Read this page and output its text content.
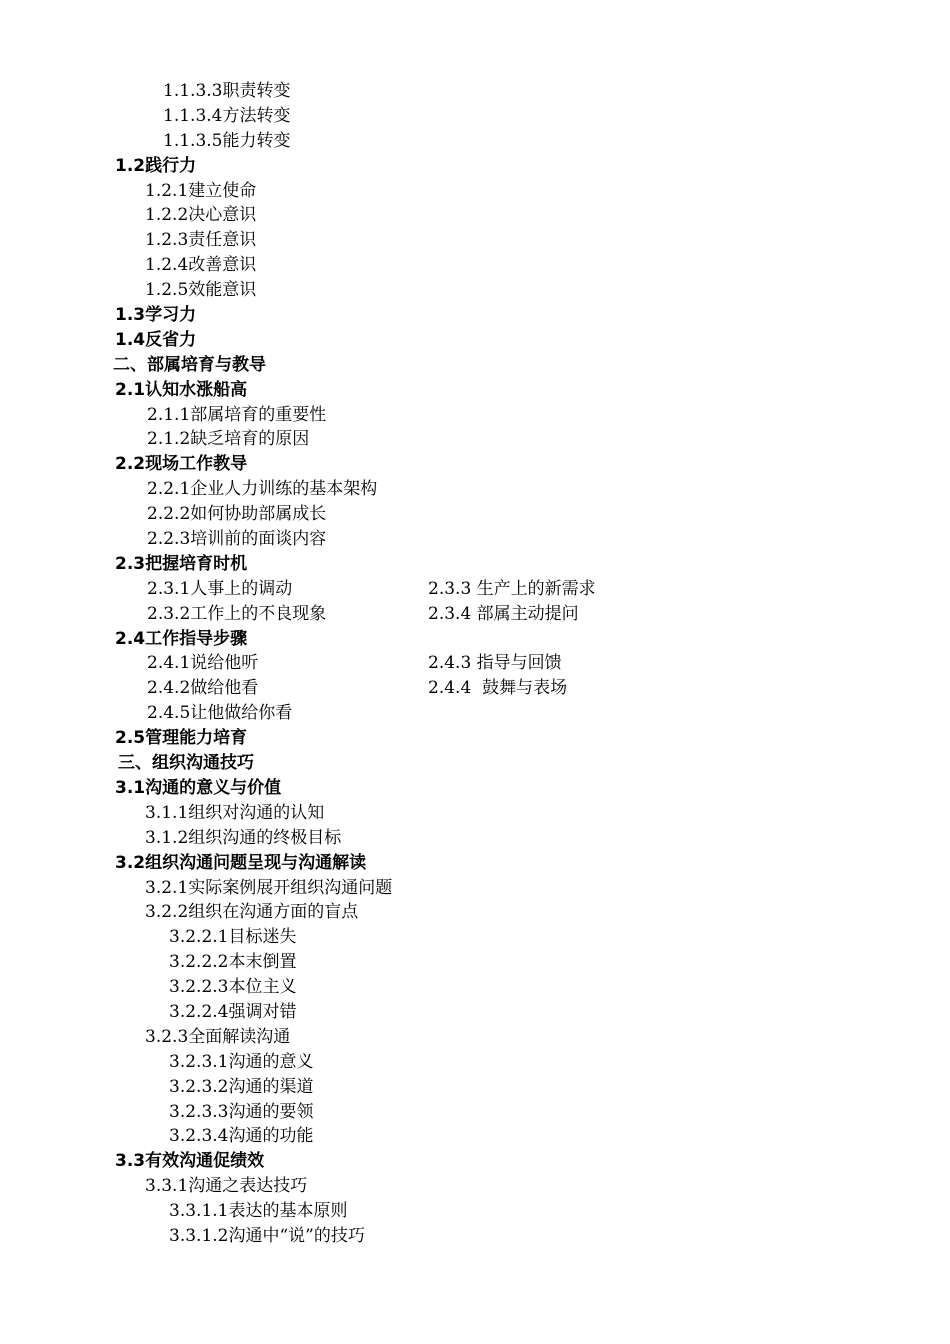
1.1.3.3职责转变
1.1.3.4方法转变
1.1.3.5能力转变
1.2践行力
1.2.1建立使命
1.2.2决心意识
1.2.3责任意识
1.2.4改善意识
1.2.5效能意识
1.3学习力
1.4反省力
二、部属培育与教导
2.1认知水涨船高
2.1.1部属培育的重要性
2.1.2缺乏培育的原因
2.2现场工作教导
2.2.1企业人力训练的基本架构
2.2.2如何协助部属成长
2.2.3培训前的面谈内容
2.3把握培育时机
2.3.1人事上的调动	2.3.3 生产上的新需求
2.3.2工作上的不良现象	2.3.4 部属主动提问
2.4工作指导步骤
2.4.1说给他听	2.4.3 指导与回馈
2.4.2做给他看	2.4.4  鼓舞与表场
2.4.5让他做给你看
2.5管理能力培育
三、组织沟通技巧
3.1沟通的意义与价值
3.1.1组织对沟通的认知
3.1.2组织沟通的终极目标
3.2组织沟通问题呈现与沟通解读
3.2.1实际案例展开组织沟通问题
3.2.2组织在沟通方面的盲点
3.2.2.1目标迷失
3.2.2.2本末倒置
3.2.2.3本位主义
3.2.2.4强调对错
3.2.3全面解读沟通
3.2.3.1沟通的意义
3.2.3.2沟通的渠道
3.2.3.3沟通的要领
3.2.3.4沟通的功能
3.3有效沟通促绩效
3.3.1沟通之表达技巧
3.3.1.1表达的基本原则
3.3.1.2沟通中“说”的技巧
